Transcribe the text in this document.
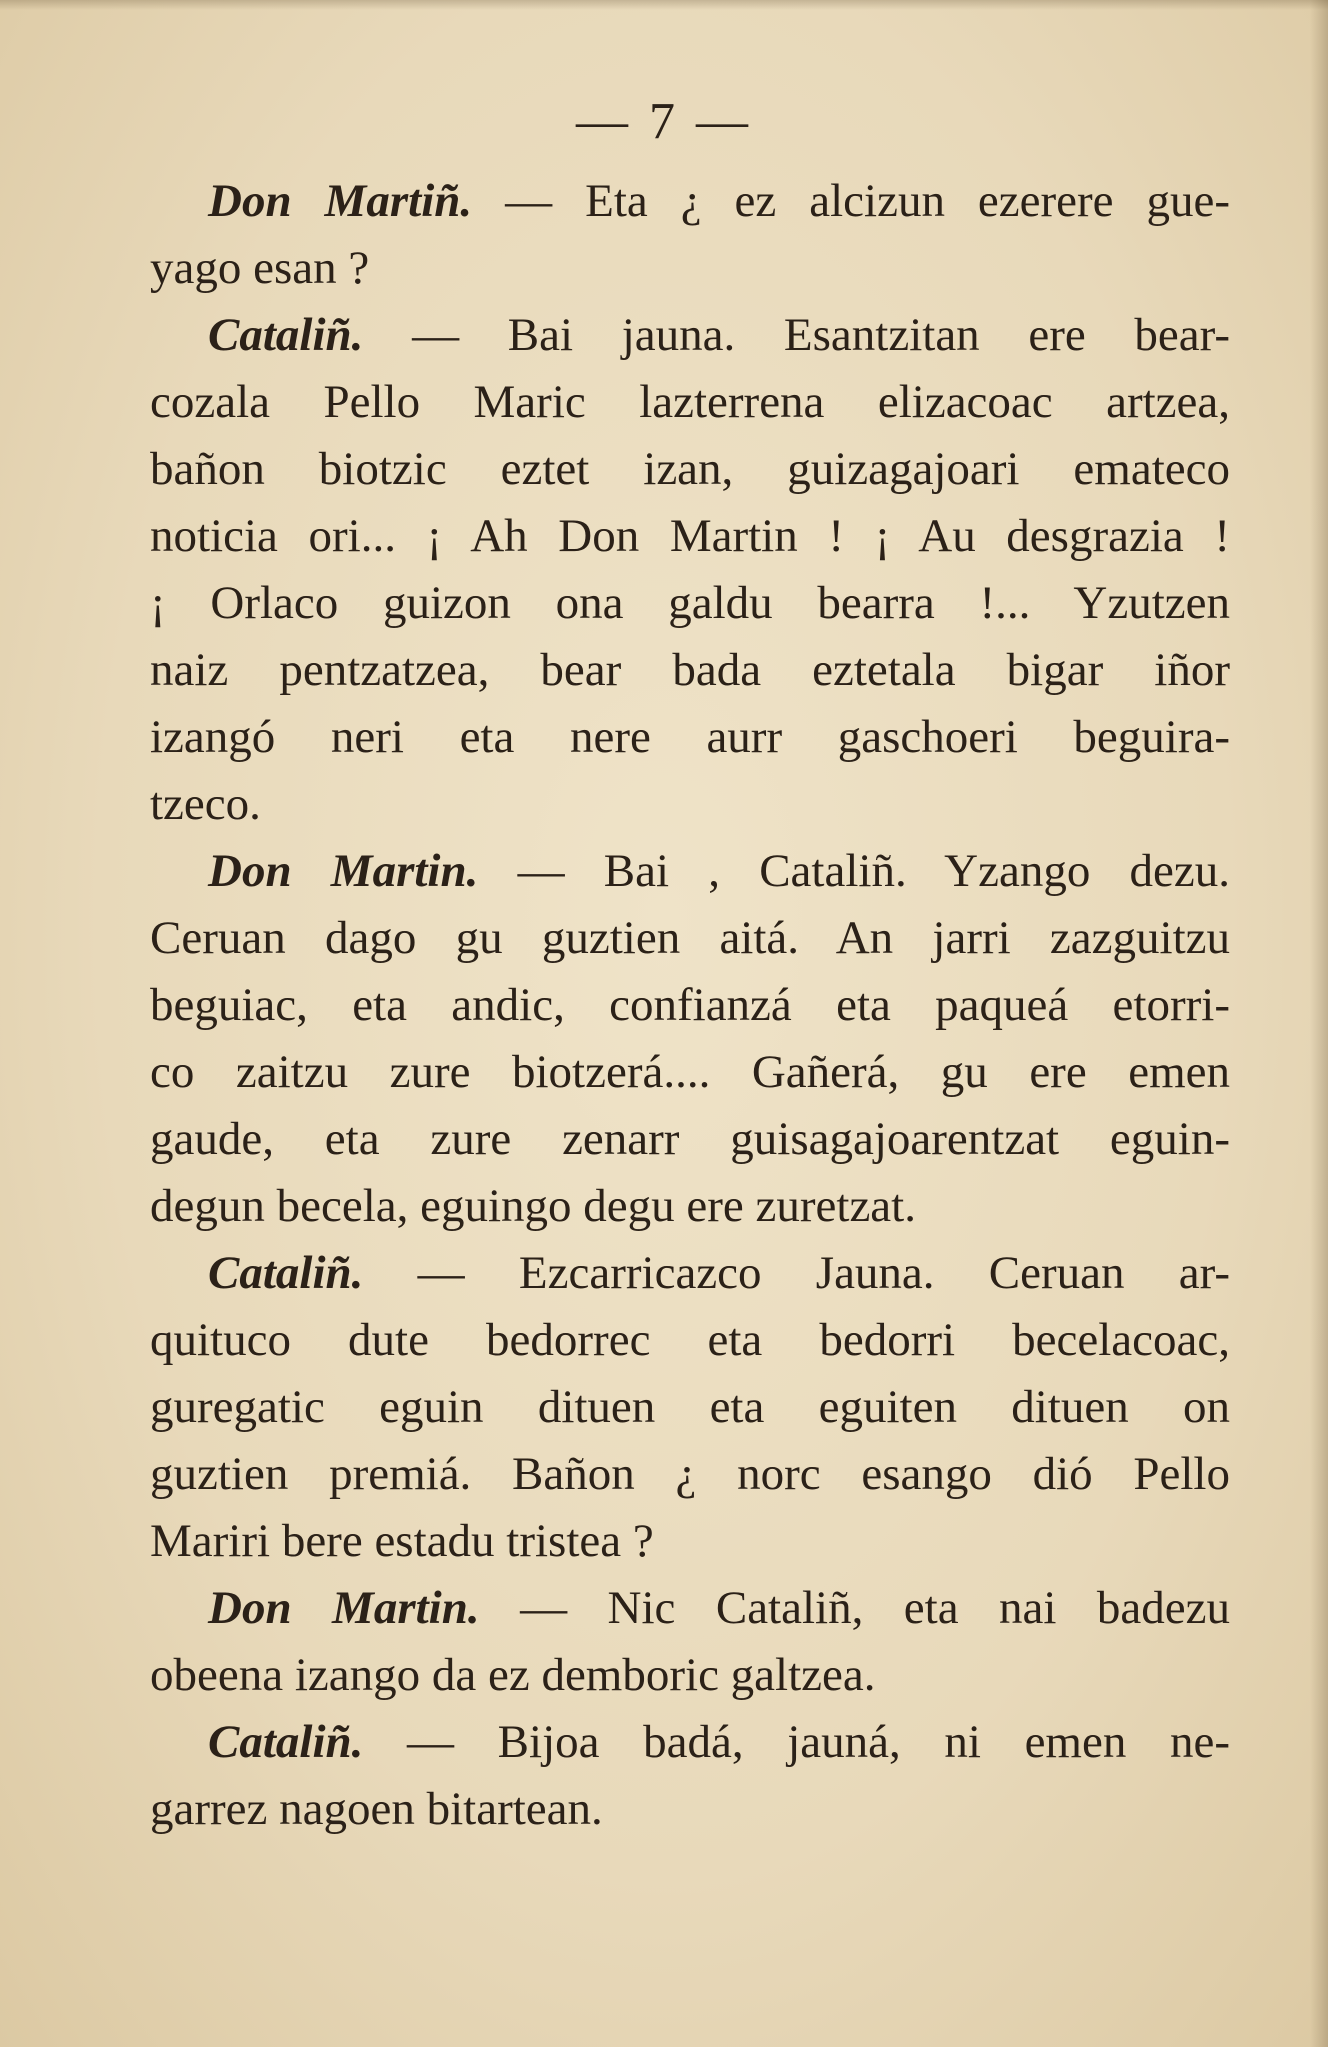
— 7 —
Don Martiñ. — Eta ¿ ez alcizun ezerere gue-
yago esan ?
Cataliñ. — Bai jauna. Esantzitan ere bear-
cozala Pello Maric lazterrena elizacoac artzea,
bañon biotzic eztet izan, guizagajoari emateco
noticia ori... ¡ Ah Don Martin ! ¡ Au desgrazia !
¡ Orlaco guizon ona galdu bearra !... Yzutzen
naiz pentzatzea, bear bada eztetala bigar iñor
izangó neri eta nere aurr gaschoeri beguira-
tzeco.
Don Martin. — Bai , Cataliñ. Yzango dezu.
Ceruan dago gu guztien aitá. An jarri zazguitzu
beguiac, eta andic, confianzá eta paqueá etorri-
co zaitzu zure biotzerá.... Gañerá, gu ere emen
gaude, eta zure zenarr guisagajoarentzat eguin-
degun becela, eguingo degu ere zuretzat.
Cataliñ. — Ezcarricazco Jauna. Ceruan ar-
quituco dute bedorrec eta bedorri becelacoac,
guregatic eguin dituen eta eguiten dituen on
guztien premiá. Bañon ¿ norc esango dió Pello
Mariri bere estadu tristea ?
Don Martin. — Nic Cataliñ, eta nai badezu
obeena izango da ez demboric galtzea.
Cataliñ. — Bijoa badá, jauná, ni emen ne-
garrez nagoen bitartean.
